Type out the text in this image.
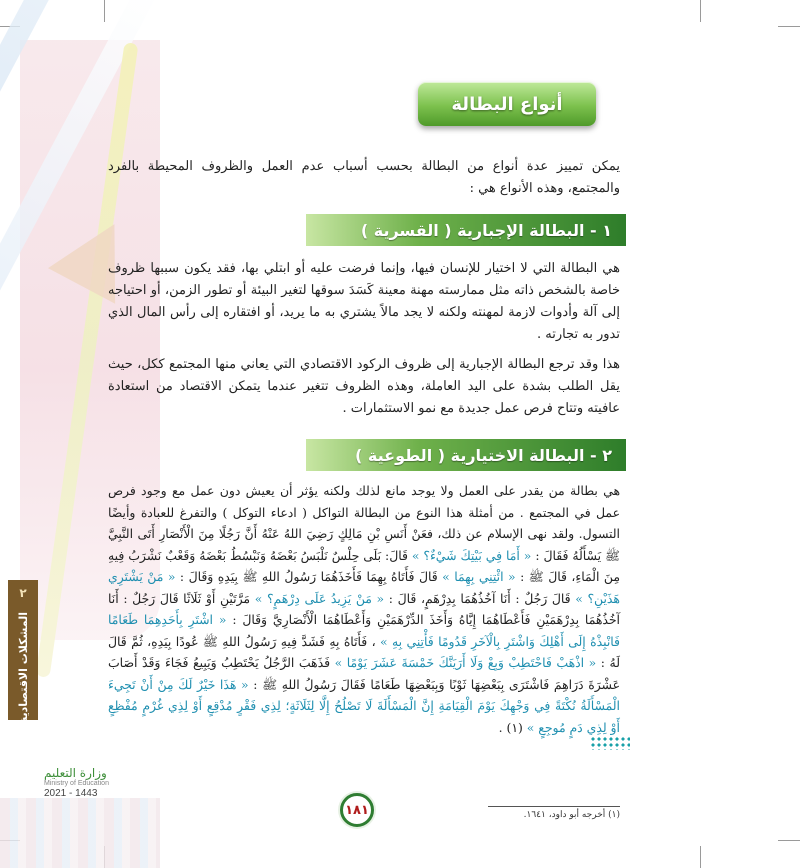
أنواع البطالة
يمكن تمييز عدة أنواع من البطالة بحسب أسباب عدم العمل والظروف المحيطة بالفرد والمجتمع، وهذه الأنواع هي :
١ - البطالة الإجبارية ( القسرية )
هي البطالة التي لا اختيار للإنسان فيها، وإنما فرضت عليه أو ابتلي بها، فقد يكون سببها ظروف خاصة بالشخص ذاته مثل ممارسته مهنة معينة كَسَدَ سوقها لتغير البيئة أو تطور الزمن، أو احتياجه إلى آلة وأدوات لازمة لمهنته ولكنه لا يجد مالاً يشتري به ما يريد، أو افتقاره إلى رأس المال الذي تدور به تجارته .
هذا وقد ترجع البطالة الإجبارية إلى ظروف الركود الاقتصادي التي يعاني منها المجتمع ككل، حيث يقل الطلب بشدة على اليد العاملة، وهذه الظروف تتغير عندما يتمكن الاقتصاد من استعادة عافيته وتتاح فرص عمل جديدة مع نمو الاستثمارات .
٢ - البطالة الاختيارية ( الطوعية )
هي بطالة من يقدر على العمل ولا يوجد مانع لذلك ولكنه يؤثر أن يعيش دون عمل مع وجود فرص عمل في المجتمع . من أمثلة هذا النوع من البطالة التواكل ( ادعاء التوكل ) والتفرغ للعبادة وأيضًا التسول. ولقد نهى الإسلام عن ذلك، فعَنْ أَنَسِ بْنِ مَالِكٍ رَضِيَ اللهُ عَنْهُ أَنَّ رَجُلًا مِنَ الْأَنْصَارِ أَتَى النَّبِيَّ ﷺ يَسْأَلُهُ فَقَالَ : « أَمَا فِي بَيْتِكَ شَيْءٌ؟ » قَالَ: بَلَى حِلْسٌ نَلْبَسُ بَعْضَهُ وَنَبْسُطُ بَعْضَهُ وَقَعْبٌ نَشْرَبُ فِيهِ مِنَ الْمَاءِ، قَالَ ﷺ : « ائْتِنِي بِهِمَا » قَالَ فَأَتَاهُ بِهِمَا فَأَخَذَهُمَا رَسُولُ اللهِ ﷺ بِيَدِهِ وَقَالَ : « مَنْ يَشْتَرِي هَذَيْنِ؟ » قَالَ رَجُلٌ : أَنَا آخُذُهُمَا بِدِرْهَمٍ، قَالَ : « مَنْ يَزِيدُ عَلَى دِرْهَمٍ؟ » مَرَّتَيْنِ أَوْ ثَلَاثًا قَالَ رَجُلٌ : أَنَا آخُذُهُمَا بِدِرْهَمَيْنِ فَأَعْطَاهُمَا إِيَّاهُ وَأَخَذَ الدِّرْهَمَيْنِ وَأَعْطَاهُمَا الْأَنْصَارِيَّ وَقَالَ : « اشْتَرِ بِأَحَدِهِمَا طَعَامًا فَانْبِذْهُ إِلَى أَهْلِكَ وَاشْتَرِ بِالْآخَرِ قَدُومًا فَأْتِنِي بِهِ » ، فَأَتَاهُ بِهِ فَشَدَّ فِيهِ رَسُولُ اللهِ ﷺ عُودًا بِيَدِهِ، ثُمَّ قَالَ لَهُ : « اذْهَبْ فَاحْتَطِبْ وَبِعْ وَلَا أَرَيَنَّكَ خَمْسَةَ عَشَرَ يَوْمًا » فَذَهَبَ الرَّجُلُ يَحْتَطِبُ وَيَبِيعُ فَجَاءَ وَقَدْ أَصَابَ عَشْرَةَ دَرَاهِمَ فَاشْتَرَى بِبَعْضِهَا ثَوْبًا وَبِبَعْضِهَا طَعَامًا فَقَالَ رَسُولُ اللهِ ﷺ : « هَذَا خَيْرٌ لَكَ مِنْ أَنْ تَجِيءَ الْمَسْأَلَةُ نُكْتَةً فِي وَجْهِكَ يَوْمَ الْقِيَامَةِ إِنَّ الْمَسْأَلَةَ لَا تَصْلُحُ إِلَّا لِثَلَاثَةٍ؛ لِذِي فَقْرٍ مُدْقِعٍ أَوْ لِذِي غُرْمٍ مُفْظِعٍ أَوْ لِذِي دَمٍ مُوجِعٍ » (١) .
٢
المشكلات الاقتصادية
وزارة التعليم
Ministry of Education
2021 - 1443
١٨١	(١) أخرجه أبو داود، ١٦٤١.
